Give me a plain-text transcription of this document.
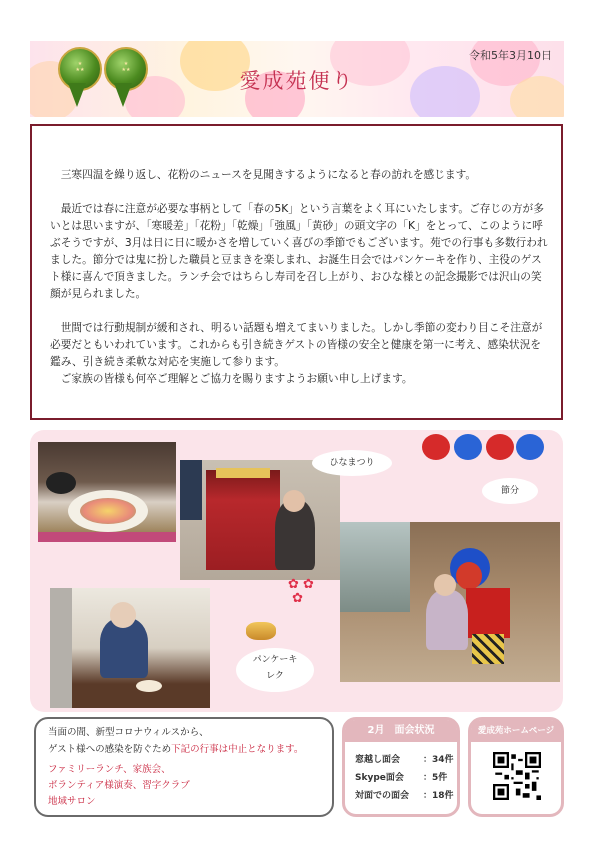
★
★★
★
★★
令和5年3月10日
愛成苑便り

三寒四温を繰り返し、花粉のニュースを見聞きするようになると春の訪れを感じます。

最近では春に注意が必要な事柄として「春の5K」という言葉をよく耳にいたします。ご存じの方が多いとは思いますが、「寒暖差」「花粉」「乾燥」「強風」「黄砂」の頭文字の「K」をとって、このように呼ぶそうですが、3月は日に日に暖かさを増していく喜びの季節でもございます。苑での行事も多数行われました。節分では鬼に扮した職員と豆まきを楽しまれ、お誕生日会ではパンケーキを作り、主役のゲスト様に喜んで頂きました。ランチ会ではちらし寿司を召し上がり、おひな様との記念撮影では沢山の笑顔が見られました。

世間では行動規制が緩和され、明るい話題も増えてまいりました。しかし季節の変わり目こそ注意が必要だともいわれています。これからも引き続きゲストの皆様の安全と健康を第一に考え、感染状況を鑑み、引き続き柔軟な対応を実施して参ります。

ご家族の皆様も何卒ご理解とご協力を賜りますようお願い申し上げます。

✿ ✿
✿
ひなまつり
節分
パンケーキ
レク
当面の間、新型コロナウィルスから、
ゲスト様への感染を防ぐため下記の行事は中止となります。
ファミリーランチ、家族会、
ボランティア様演奏、習字クラブ
地域サロン
2月　面会状況
窓越し面会	：34件
Skype面会 ：5件
対面での面会 ：18件
愛成苑ホームページ
